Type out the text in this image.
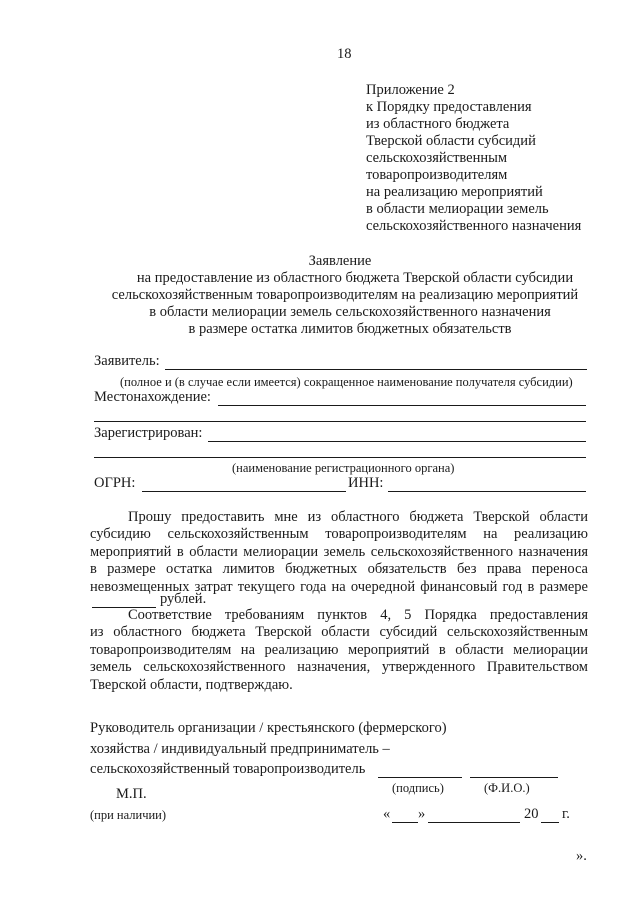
18
Приложение 2
к Порядку предоставления
из областного бюджета
Тверской области субсидий
сельскохозяйственным
товаропроизводителям
на реализацию мероприятий
в области мелиорации земель
сельскохозяйственного назначения
Заявление
на предоставление из областного бюджета Тверской области субсидии
сельскохозяйственным товаропроизводителям на реализацию мероприятий
в области мелиорации земель сельскохозяйственного назначения
в размере остатка лимитов бюджетных обязательств
Заявитель:
(полное и (в случае если имеется) сокращенное наименование получателя субсидии)
Местонахождение:
Зарегистрирован:
(наименование регистрационного органа)
ОГРН:	ИНН:
Прошу предоставить мне из областного бюджета Тверской области
субсидию сельскохозяйственным товаропроизводителям на реализацию
мероприятий в области мелиорации земель сельскохозяйственного назначения
в размере остатка лимитов бюджетных обязательств без права переноса
невозмещенных затрат текущего года на очередной финансовый год в размере
рублей.
Соответствие требованиям пунктов 4, 5 Порядка предоставления
из областного бюджета Тверской области субсидий сельскохозяйственным
товаропроизводителям на реализацию мероприятий в области мелиорации
земель сельскохозяйственного назначения, утвержденного Правительством
Тверской области, подтверждаю.
Руководитель организации / крестьянского (фермерского)
хозяйства / индивидуальный предприниматель –
сельскохозяйственный товаропроизводитель
(подпись)	(Ф.И.О.)
М.П.
(при наличии)	« »	20 г.
».
